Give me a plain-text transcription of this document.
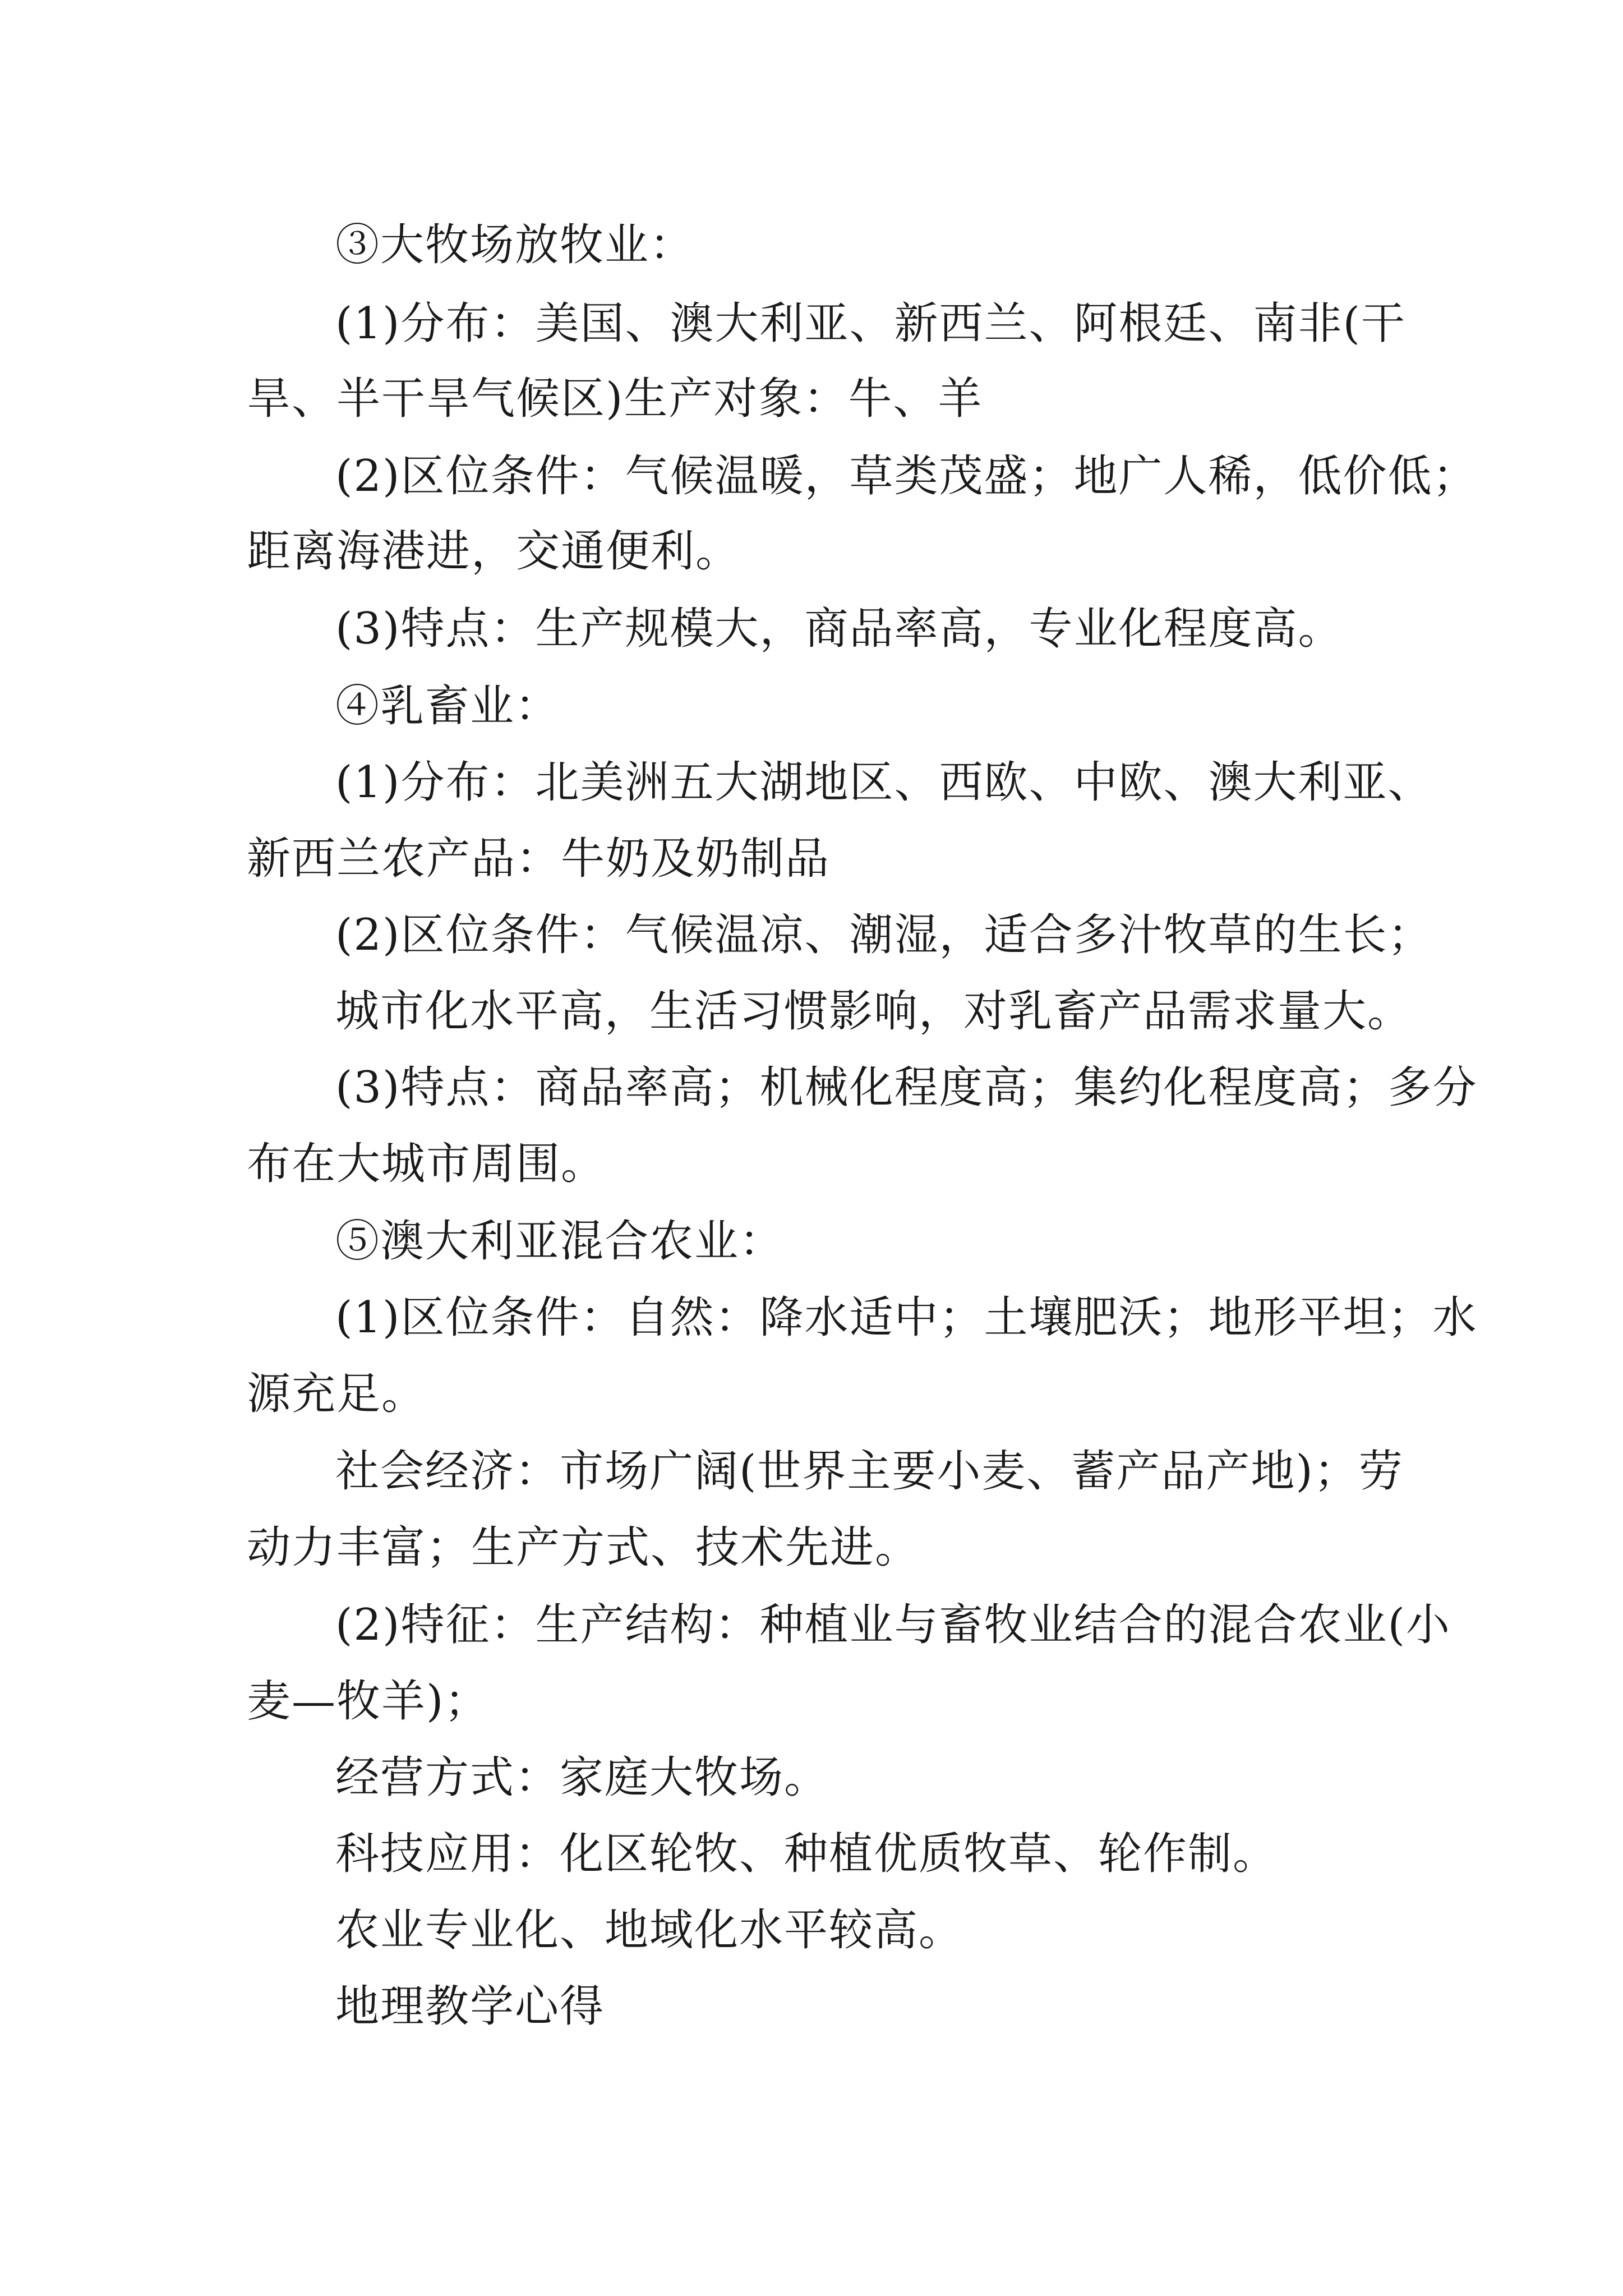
③大牧场放牧业：
(1)分布：美国、澳大利亚、新西兰、阿根廷、南非(干
旱、半干旱气候区)生产对象：牛、羊
(2)区位条件：气候温暖，草类茂盛；地广人稀，低价低；
距离海港进，交通便利。
(3)特点：生产规模大，商品率高，专业化程度高。
④乳畜业：
(1)分布：北美洲五大湖地区、西欧、中欧、澳大利亚、
新西兰农产品：牛奶及奶制品
(2)区位条件：气候温凉、潮湿，适合多汁牧草的生长；
城市化水平高，生活习惯影响，对乳畜产品需求量大。
(3)特点：商品率高；机械化程度高；集约化程度高；多分
布在大城市周围。
⑤澳大利亚混合农业：
(1)区位条件：自然：降水适中；土壤肥沃；地形平坦；水
源充足。
社会经济：市场广阔(世界主要小麦、蓄产品产地)；劳
动力丰富；生产方式、技术先进。
(2)特征：生产结构：种植业与畜牧业结合的混合农业(小
麦—牧羊)；
经营方式：家庭大牧场。
科技应用：化区轮牧、种植优质牧草、轮作制。
农业专业化、地域化水平较高。
地理教学心得
